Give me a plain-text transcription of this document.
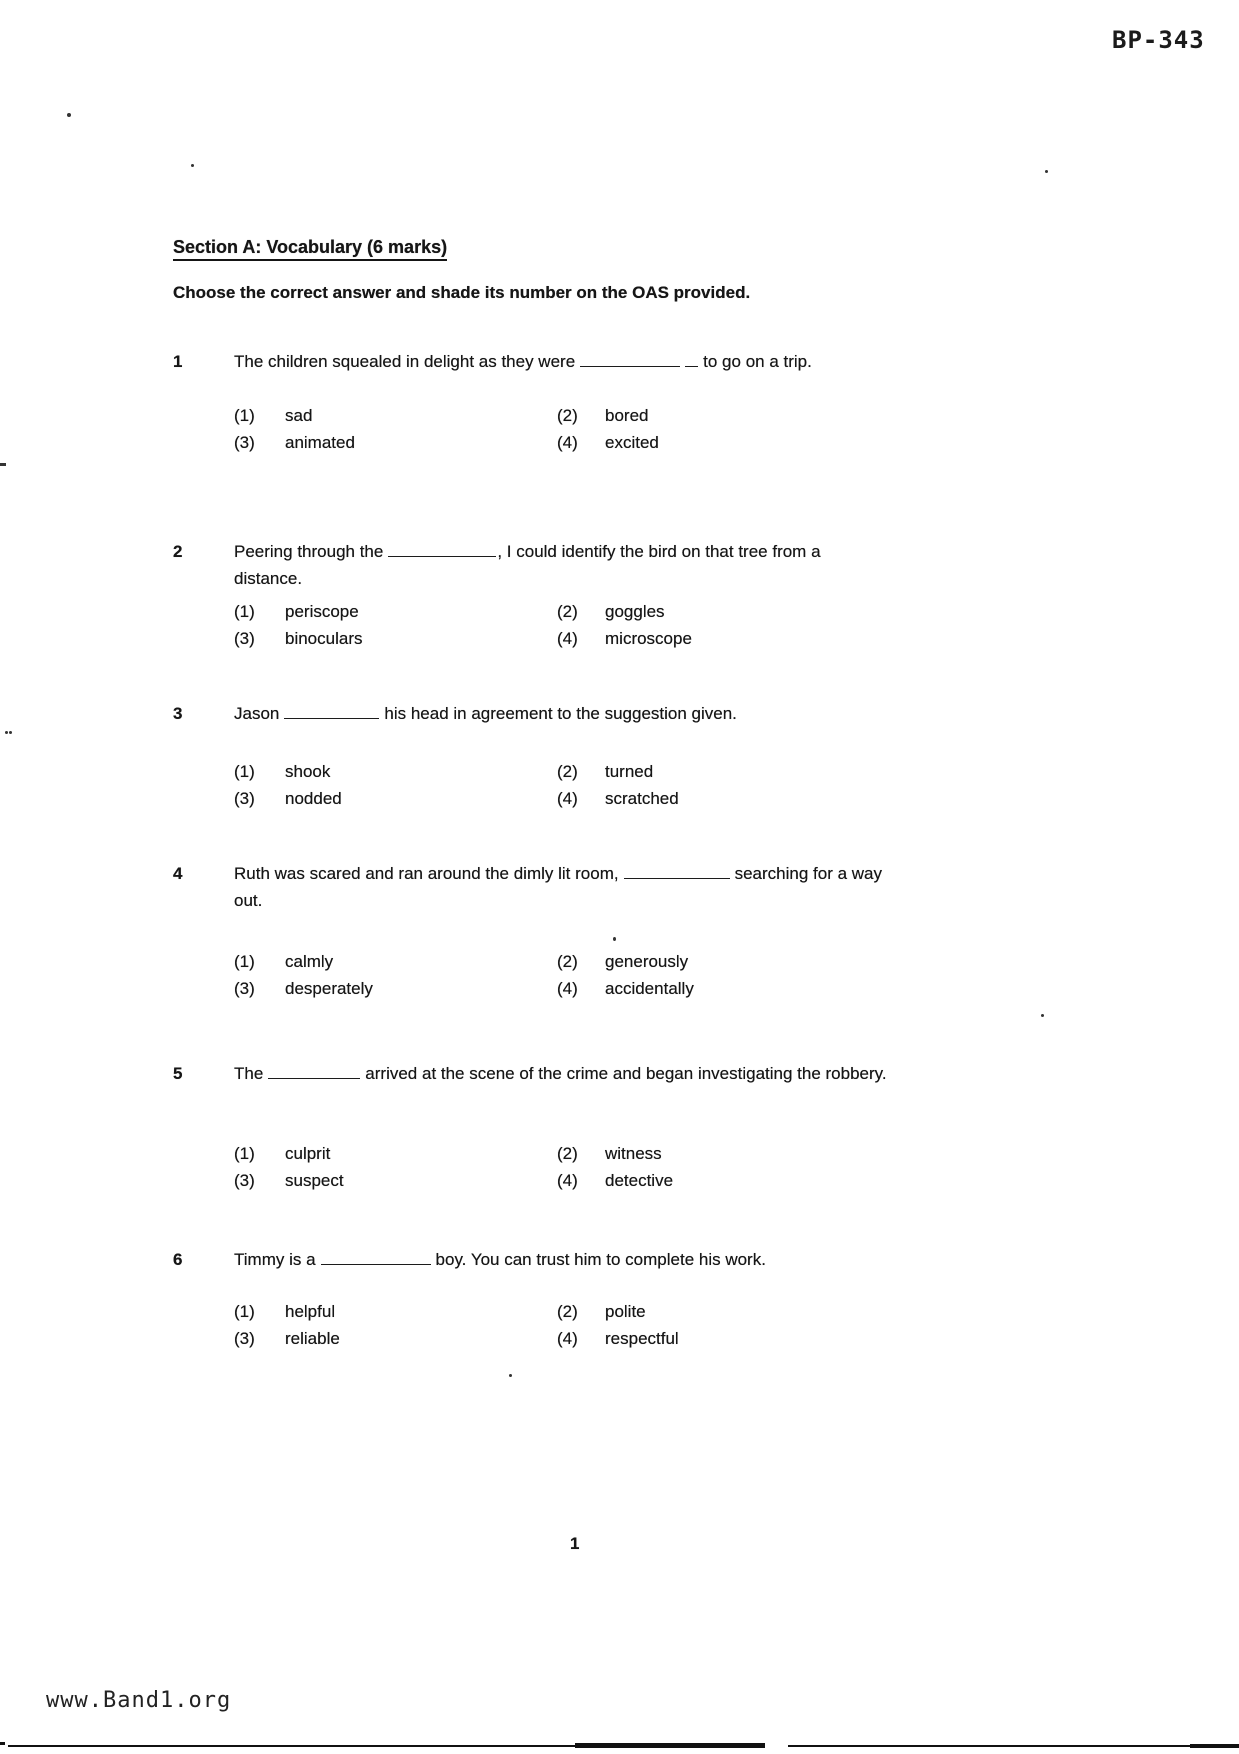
BP-343
Section A: Vocabulary (6 marks)
Choose the correct answer and shade its number on the OAS provided.
1	The children squealed in delight as they were	to go on a trip.
(1)	sad	(2)	bored
(3)	animated	(4)	excited
2	Peering through the	, I could identify the bird on that tree from a distance.
(1)	periscope	(2)	goggles
(3)	binoculars	(4)	microscope
3	Jason	his head in agreement to the suggestion given.
(1)	shook	(2)	turned
(3)	nodded	(4)	scratched
4	Ruth was scared and ran around the dimly lit room,	searching for a way out.
(1)	calmly	(2)	generously
(3)	desperately	(4)	accidentally
5	The	arrived at the scene of the crime and began investigating the robbery.
(1)	culprit	(2)	witness
(3)	suspect	(4)	detective
6	Timmy is a	boy. You can trust him to complete his work.
(1)	helpful	(2)	polite
(3)	reliable	(4)	respectful
1
www.Band1.org
